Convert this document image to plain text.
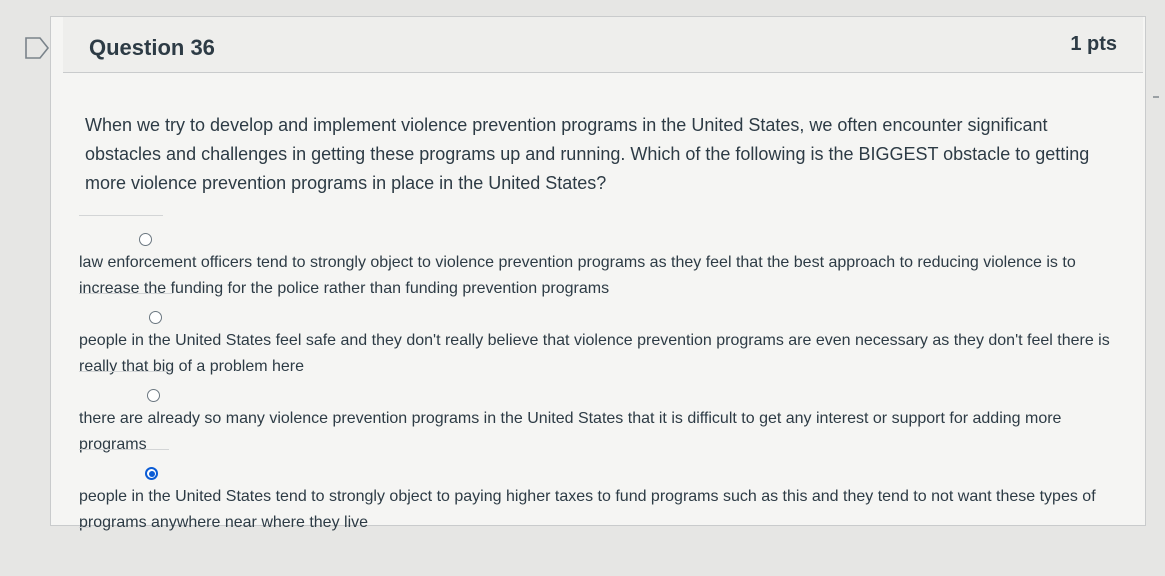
Question 36	1 pts
When we try to develop and implement violence prevention programs in the United States, we often encounter significant obstacles and challenges in getting these programs up and running. Which of the following is the BIGGEST obstacle to getting more violence prevention programs in place in the United States?
law enforcement officers tend to strongly object to violence prevention programs as they feel that the best approach to reducing violence is to increase the funding for the police rather than funding prevention programs
people in the United States feel safe and they don't really believe that violence prevention programs are even necessary as they don't feel there is really that big of a problem here
there are already so many violence prevention programs in the United States that it is difficult to get any interest or support for adding more programs
people in the United States tend to strongly object to paying higher taxes to fund programs such as this and they tend to not want these types of programs anywhere near where they live
